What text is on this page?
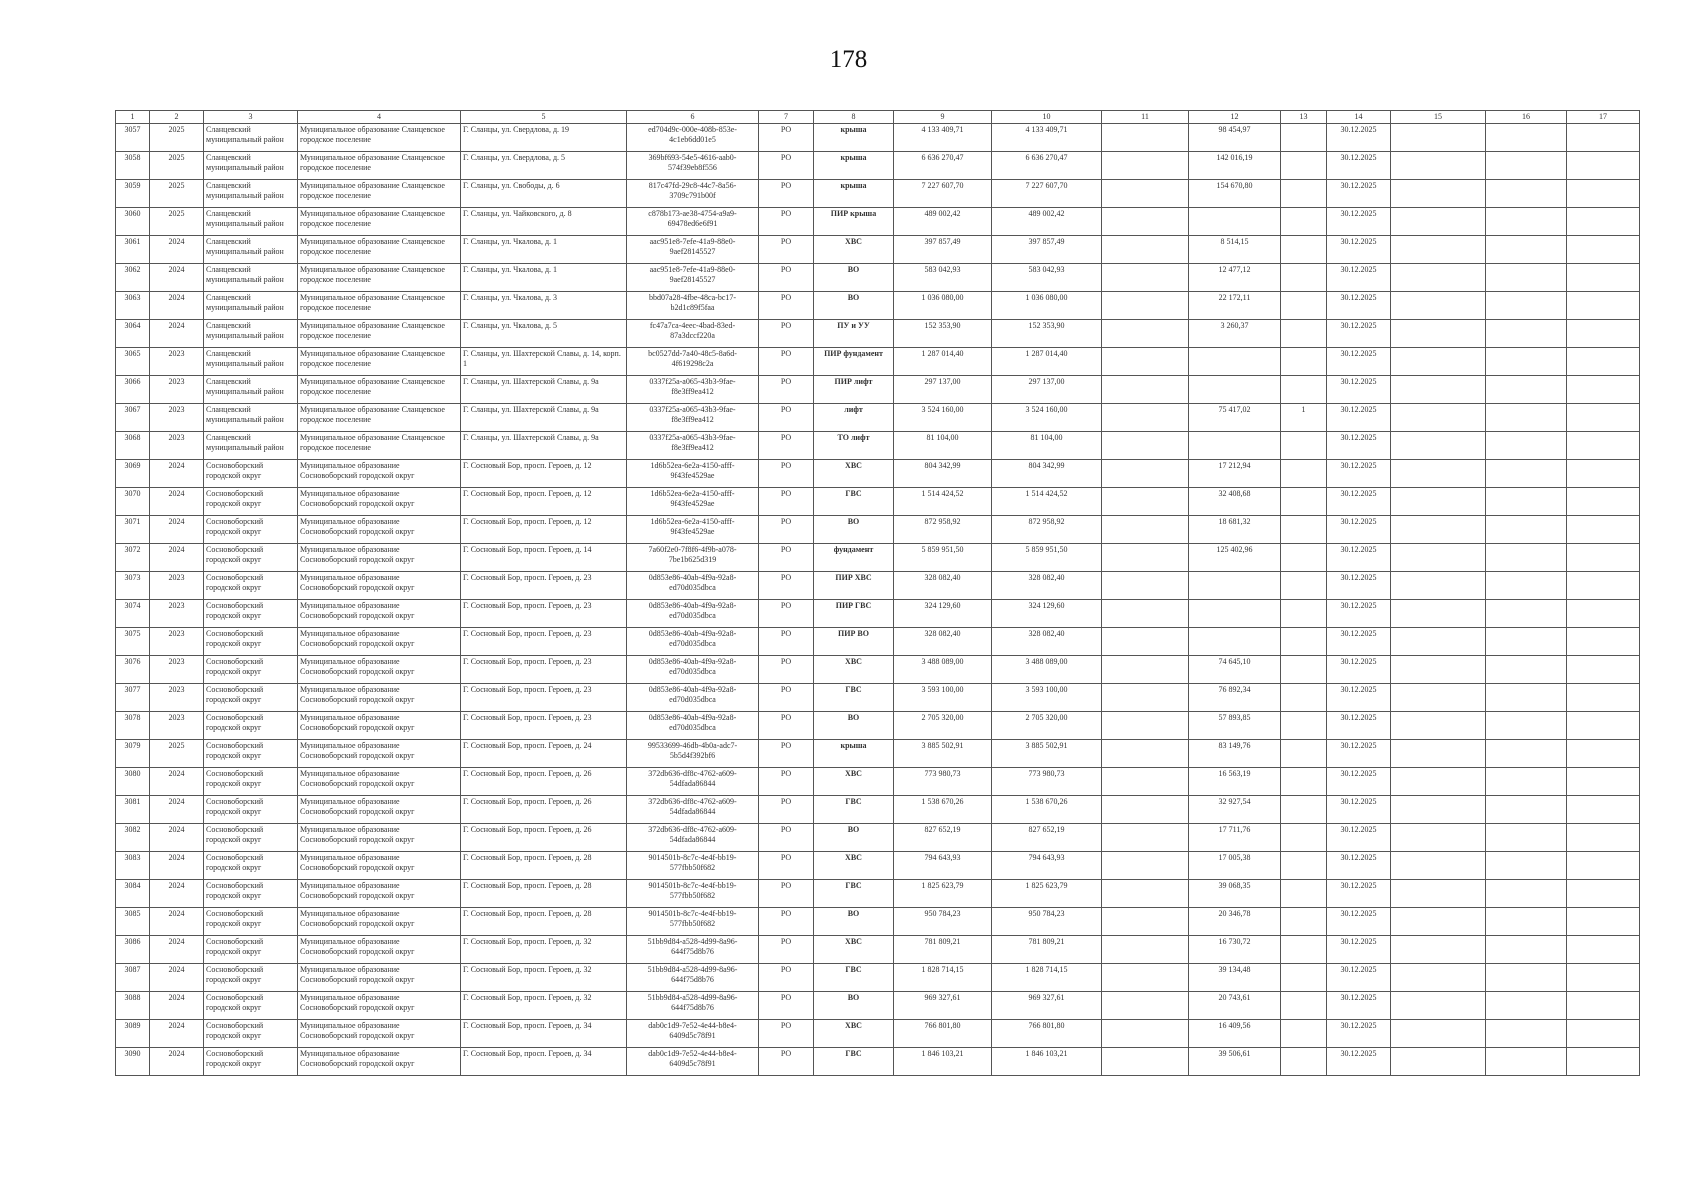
178
1	2	3	4	5	6	7	8	9	10	11	12	13	14	15	16	17
3057	2025	Сланцевский муниципальный район	Муниципальное образование Сланцевское городское поселение	Г. Сланцы, ул. Свердлова, д. 19	ed704d9c-000e-408b-853e-4c1eb6dd01e5	РО	крыша	4 133 409,71	4 133 409,71		98 454,97		30.12.2025			
3058	2025	Сланцевский муниципальный район	Муниципальное образование Сланцевское городское поселение	Г. Сланцы, ул. Свердлова, д. 5	369bf693-54e5-4616-aab0-574f39eb8f556	РО	крыша	6 636 270,47	6 636 270,47		142 016,19		30.12.2025			
3059	2025	Сланцевский муниципальный район	Муниципальное образование Сланцевское городское поселение	Г. Сланцы, ул. Свободы, д. 6	817c47fd-29c8-44c7-8a56-3709c791b00f	РО	крыша	7 227 607,70	7 227 607,70		154 670,80		30.12.2025			
3060	2025	Сланцевский муниципальный район	Муниципальное образование Сланцевское городское поселение	Г. Сланцы, ул. Чайковского, д. 8	c878b173-ae38-4754-a9a9-69478ed6e6f91	РО	ПИР крыша	489 002,42	489 002,42				30.12.2025			
3061	2024	Сланцевский муниципальный район	Муниципальное образование Сланцевское городское поселение	Г. Сланцы, ул. Чкалова, д. 1	aac951e8-7efe-41a9-88e0-9aef28145527	РО	ХВС	397 857,49	397 857,49		8 514,15		30.12.2025			
3062	2024	Сланцевский муниципальный район	Муниципальное образование Сланцевское городское поселение	Г. Сланцы, ул. Чкалова, д. 1	aac951e8-7efe-41a9-88e0-9aef28145527	РО	ВО	583 042,93	583 042,93		12 477,12		30.12.2025			
3063	2024	Сланцевский муниципальный район	Муниципальное образование Сланцевское городское поселение	Г. Сланцы, ул. Чкалова, д. 3	bbd07a28-4fbe-48ca-bc17-b2d1c89f5faa	РО	ВО	1 036 080,00	1 036 080,00		22 172,11		30.12.2025			
3064	2024	Сланцевский муниципальный район	Муниципальное образование Сланцевское городское поселение	Г. Сланцы, ул. Чкалова, д. 5	fc47a7ca-4eec-4bad-83ed-87a3dccf220a	РО	ПУ и УУ	152 353,90	152 353,90		3 260,37		30.12.2025			
3065	2023	Сланцевский муниципальный район	Муниципальное образование Сланцевское городское поселение	Г. Сланцы, ул. Шахтерской Славы, д. 14, корп. 1	bc0527dd-7a40-48c5-8a6d-4f619298c2a	РО	ПИР фундамент	1 287 014,40	1 287 014,40				30.12.2025			
3066	2023	Сланцевский муниципальный район	Муниципальное образование Сланцевское городское поселение	Г. Сланцы, ул. Шахтерской Славы, д. 9а	0337f25a-a065-43b3-9fae-f8e3ff9ea412	РО	ПИР лифт	297 137,00	297 137,00				30.12.2025			
3067	2023	Сланцевский муниципальный район	Муниципальное образование Сланцевское городское поселение	Г. Сланцы, ул. Шахтерской Славы, д. 9а	0337f25a-a065-43b3-9fae-f8e3ff9ea412	РО	лифт	3 524 160,00	3 524 160,00		75 417,02	1	30.12.2025			
3068	2023	Сланцевский муниципальный район	Муниципальное образование Сланцевское городское поселение	Г. Сланцы, ул. Шахтерской Славы, д. 9а	0337f25a-a065-43b3-9fae-f8e3ff9ea412	РО	ТО лифт	81 104,00	81 104,00				30.12.2025			
3069	2024	Сосновоборский городской округ	Муниципальное образование Сосновоборский городской округ	Г. Сосновый Бор, просп. Героев, д. 12	1d6b52ea-6e2a-4150-afff-9f43fe4529ae	РО	ХВС	804 342,99	804 342,99		17 212,94		30.12.2025			
3070	2024	Сосновоборский городской округ	Муниципальное образование Сосновоборский городской округ	Г. Сосновый Бор, просп. Героев, д. 12	1d6b52ea-6e2a-4150-afff-9f43fe4529ae	РО	ГВС	1 514 424,52	1 514 424,52		32 408,68		30.12.2025			
3071	2024	Сосновоборский городской округ	Муниципальное образование Сосновоборский городской округ	Г. Сосновый Бор, просп. Героев, д. 12	1d6b52ea-6e2a-4150-afff-9f43fe4529ae	РО	ВО	872 958,92	872 958,92		18 681,32		30.12.2025			
3072	2024	Сосновоборский городской округ	Муниципальное образование Сосновоборский городской округ	Г. Сосновый Бор, просп. Героев, д. 14	7a60f2e0-7f8f6-4f9b-a078-7be1b625d319	РО	фундамент	5 859 951,50	5 859 951,50		125 402,96		30.12.2025			
3073	2023	Сосновоборский городской округ	Муниципальное образование Сосновоборский городской округ	Г. Сосновый Бор, просп. Героев, д. 23	0d853e86-40ab-4f9a-92a8-ed70d035dbca	РО	ПИР ХВС	328 082,40	328 082,40				30.12.2025			
3074	2023	Сосновоборский городской округ	Муниципальное образование Сосновоборский городской округ	Г. Сосновый Бор, просп. Героев, д. 23	0d853e86-40ab-4f9a-92a8-ed70d035dbca	РО	ПИР ГВС	324 129,60	324 129,60				30.12.2025			
3075	2023	Сосновоборский городской округ	Муниципальное образование Сосновоборский городской округ	Г. Сосновый Бор, просп. Героев, д. 23	0d853e86-40ab-4f9a-92a8-ed70d035dbca	РО	ПИР ВО	328 082,40	328 082,40				30.12.2025			
3076	2023	Сосновоборский городской округ	Муниципальное образование Сосновоборский городской округ	Г. Сосновый Бор, просп. Героев, д. 23	0d853e86-40ab-4f9a-92a8-ed70d035dbca	РО	ХВС	3 488 089,00	3 488 089,00		74 645,10		30.12.2025			
3077	2023	Сосновоборский городской округ	Муниципальное образование Сосновоборский городской округ	Г. Сосновый Бор, просп. Героев, д. 23	0d853e86-40ab-4f9a-92a8-ed70d035dbca	РО	ГВС	3 593 100,00	3 593 100,00		76 892,34		30.12.2025			
3078	2023	Сосновоборский городской округ	Муниципальное образование Сосновоборский городской округ	Г. Сосновый Бор, просп. Героев, д. 23	0d853e86-40ab-4f9a-92a8-ed70d035dbca	РО	ВО	2 705 320,00	2 705 320,00		57 893,85		30.12.2025			
3079	2025	Сосновоборский городской округ	Муниципальное образование Сосновоборский городской округ	Г. Сосновый Бор, просп. Героев, д. 24	99533699-46db-4b0a-adc7-5b5d4f392bf6	РО	крыша	3 885 502,91	3 885 502,91		83 149,76		30.12.2025			
3080	2024	Сосновоборский городской округ	Муниципальное образование Сосновоборский городской округ	Г. Сосновый Бор, просп. Героев, д. 26	372db636-df8c-4762-a609-54dfada86844	РО	ХВС	773 980,73	773 980,73		16 563,19		30.12.2025			
3081	2024	Сосновоборский городской округ	Муниципальное образование Сосновоборский городской округ	Г. Сосновый Бор, просп. Героев, д. 26	372db636-df8c-4762-a609-54dfada86844	РО	ГВС	1 538 670,26	1 538 670,26		32 927,54		30.12.2025			
3082	2024	Сосновоборский городской округ	Муниципальное образование Сосновоборский городской округ	Г. Сосновый Бор, просп. Героев, д. 26	372db636-df8c-4762-a609-54dfada86844	РО	ВО	827 652,19	827 652,19		17 711,76		30.12.2025			
3083	2024	Сосновоборский городской округ	Муниципальное образование Сосновоборский городской округ	Г. Сосновый Бор, просп. Героев, д. 28	9014501b-8c7c-4e4f-bb19-577fbb50f682	РО	ХВС	794 643,93	794 643,93		17 005,38		30.12.2025			
3084	2024	Сосновоборский городской округ	Муниципальное образование Сосновоборский городской округ	Г. Сосновый Бор, просп. Героев, д. 28	9014501b-8c7c-4e4f-bb19-577fbb50f682	РО	ГВС	1 825 623,79	1 825 623,79		39 068,35		30.12.2025			
3085	2024	Сосновоборский городской округ	Муниципальное образование Сосновоборский городской округ	Г. Сосновый Бор, просп. Героев, д. 28	9014501b-8c7c-4e4f-bb19-577fbb50f682	РО	ВО	950 784,23	950 784,23		20 346,78		30.12.2025			
3086	2024	Сосновоборский городской округ	Муниципальное образование Сосновоборский городской округ	Г. Сосновый Бор, просп. Героев, д. 32	51bb9d84-a528-4d99-8a96-644f75d8b76	РО	ХВС	781 809,21	781 809,21		16 730,72		30.12.2025			
3087	2024	Сосновоборский городской округ	Муниципальное образование Сосновоборский городской округ	Г. Сосновый Бор, просп. Героев, д. 32	51bb9d84-a528-4d99-8a96-644f75d8b76	РО	ГВС	1 828 714,15	1 828 714,15		39 134,48		30.12.2025			
3088	2024	Сосновоборский городской округ	Муниципальное образование Сосновоборский городской округ	Г. Сосновый Бор, просп. Героев, д. 32	51bb9d84-a528-4d99-8a96-644f75d8b76	РО	ВО	969 327,61	969 327,61		20 743,61		30.12.2025			
3089	2024	Сосновоборский городской округ	Муниципальное образование Сосновоборский городской округ	Г. Сосновый Бор, просп. Героев, д. 34	dab0c1d9-7e52-4e44-b8e4-6409d5c78f91	РО	ХВС	766 801,80	766 801,80		16 409,56		30.12.2025			
3090	2024	Сосновоборский городской округ	Муниципальное образование Сосновоборский городской округ	Г. Сосновый Бор, просп. Героев, д. 34	dab0c1d9-7e52-4e44-b8e4-6409d5c78f91	РО	ГВС	1 846 103,21	1 846 103,21		39 506,61		30.12.2025			
